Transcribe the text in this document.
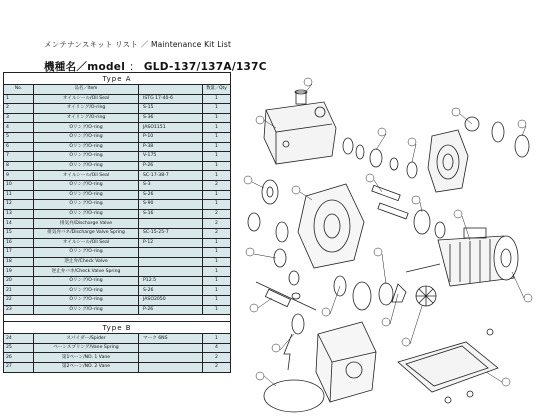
メンテナンスキット リスト ／ Maintenance Kit List
機種名／model ： GLD-137/137A/137C
Type A			
No.	品名／Item		数量／Qty
1	オイルシール/Oil Seal	ISTG 17-40-6	1
2	オイリング/O-ring	S-15	1
3	オイリング/O-ring	S-36	1
4	Oリング/O-ring	JASO1151	1
5	Oリング/O-ring	P-10	1
6	Oリング/O-ring	P-38	1
7	Oリング/O-ring	V-175	1
8	Oリング/O-ring	P-26	1
9	オイルシール/Oil Seal	SC-17-38-7	1
10	Oリング/O-ring	S-3	2
11	Oリング/O-ring	S-26	1
12	Oリング/O-ring	S-90	1
13	Oリング/O-ring	S-16	2
14	排気弁/Discharge Valve		2
15	排気弁バネ/Discharge Valve Spring	SC-15-25-7	2
16	オイルシール/Oil Seal	P-12	1
17	Oリング/O-ring		1
18	逆止弁/Check Valve		1
19	逆止弁バネ/Check Valve Spring		1
20	Oリング/O-ring	P12.5	1
21	Oリング/O-ring	S-26	1
22	Oリング/O-ring	JASO2050	1
23	Oリング/O-ring	P-26	1

Type B			
24	スパイダー/Spider	マーク 6NS	1
25	ベーンスプリング/Vane Spring		4
26	第1ベーン/NO. 1 Vane		2
27	第2ベーン/NO. 2 Vane		2
